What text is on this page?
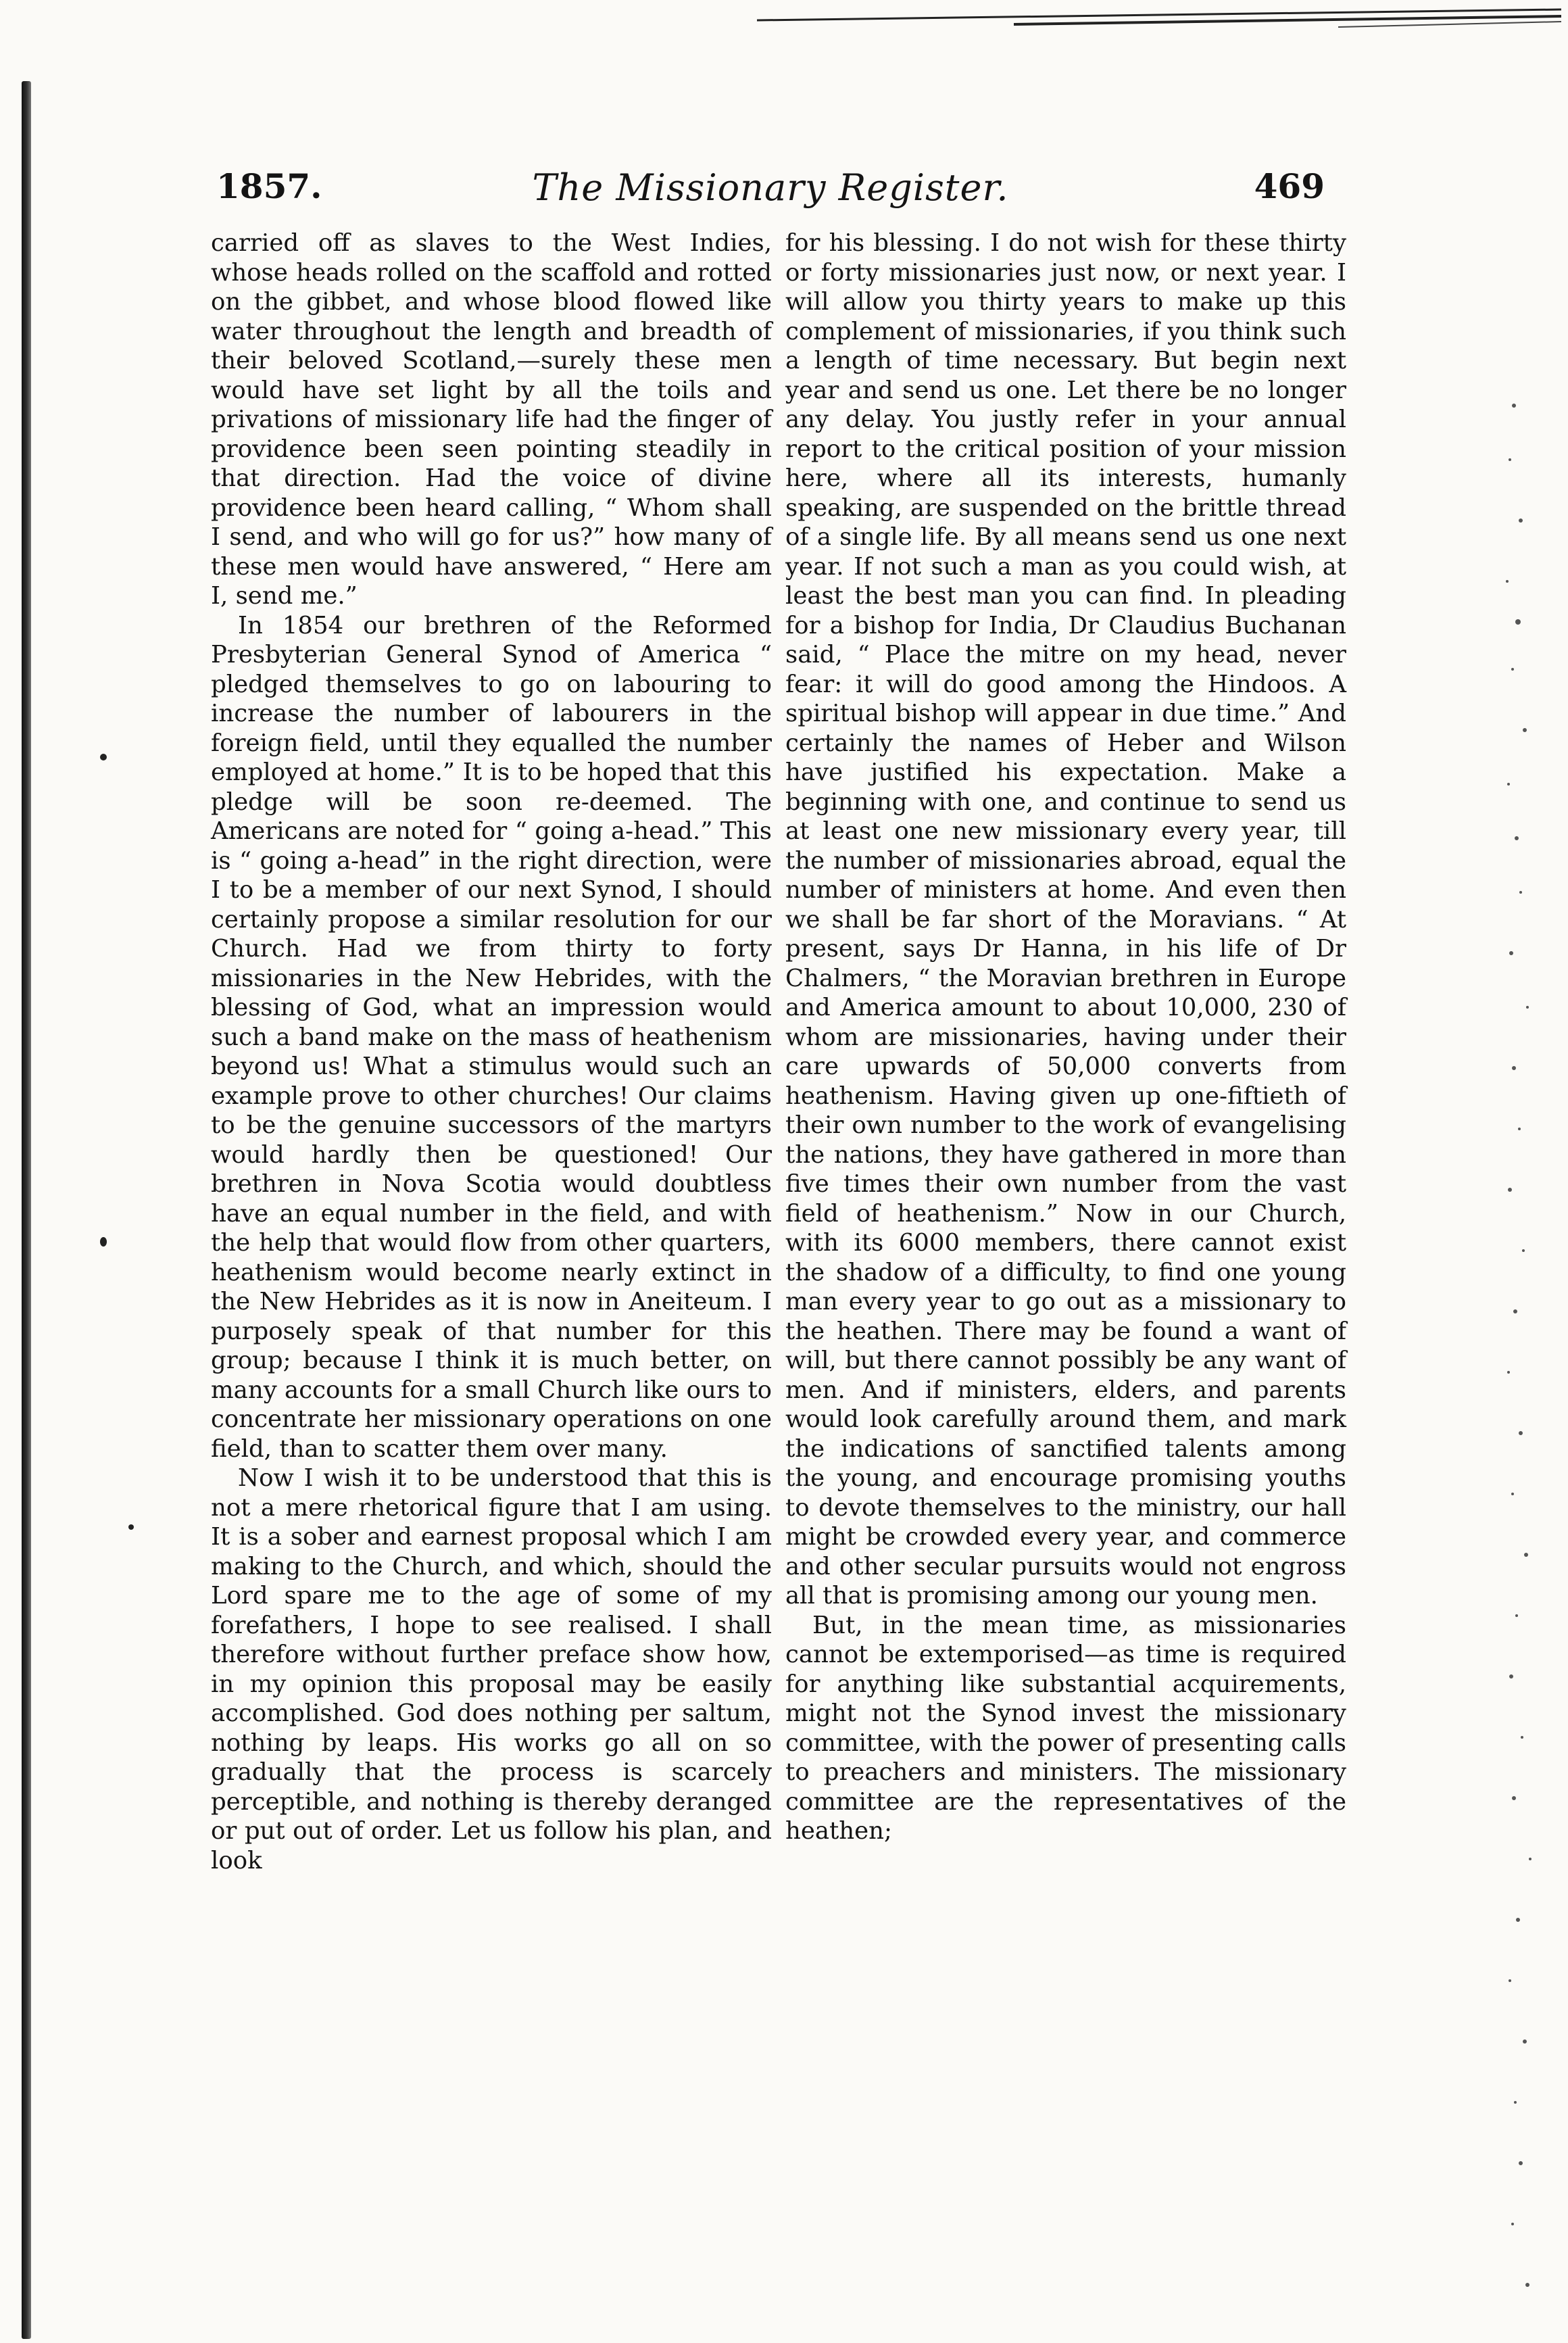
1857.	The Missionary Register.	469

carried off as slaves to the West Indies, whose heads rolled on the scaffold and rotted on the gibbet, and whose blood flowed like water throughout the length and breadth of their beloved Scotland,—surely these men would have set light by all the toils and privations of missionary life had the finger of providence been seen pointing steadily in that direction. Had the voice of divine providence been heard calling, “ Whom shall I send, and who will go for us?” how many of these men would have answered, “ Here am I, send me.”

In 1854 our brethren of the Reformed Presbyterian General Synod of America “ pledged themselves to go on labouring to increase the number of labourers in the foreign field, until they equalled the number employed at home.” It is to be hoped that this pledge will be soon re-deemed. The Americans are noted for “ going a-head.” This is “ going a-head” in the right direction, were I to be a member of our next Synod, I should certainly propose a similar resolution for our Church. Had we from thirty to forty missionaries in the New Hebrides, with the blessing of God, what an impression would such a band make on the mass of heathenism beyond us! What a stimulus would such an example prove to other churches! Our claims to be the genuine successors of the martyrs would hardly then be questioned! Our brethren in Nova Scotia would doubtless have an equal number in the field, and with the help that would flow from other quarters, heathenism would become nearly extinct in the New Hebrides as it is now in Aneiteum. I purposely speak of that number for this group; because I think it is much better, on many accounts for a small Church like ours to concentrate her missionary operations on one field, than to scatter them over many.

Now I wish it to be understood that this is not a mere rhetorical figure that I am using. It is a sober and earnest proposal which I am making to the Church, and which, should the Lord spare me to the age of some of my forefathers, I hope to see realised. I shall therefore without further preface show how, in my opinion this proposal may be easily accomplished. God does nothing per saltum, nothing by leaps. His works go all on so gradually that the process is scarcely perceptible, and nothing is thereby deranged or put out of order. Let us follow his plan, and look

for his blessing. I do not wish for these thirty or forty missionaries just now, or next year. I will allow you thirty years to make up this complement of missionaries, if you think such a length of time necessary. But begin next year and send us one. Let there be no longer any delay. You justly refer in your annual report to the critical position of your mission here, where all its interests, humanly speaking, are suspended on the brittle thread of a single life. By all means send us one next year. If not such a man as you could wish, at least the best man you can find. In pleading for a bishop for India, Dr Claudius Buchanan said, “ Place the mitre on my head, never fear: it will do good among the Hindoos. A spiritual bishop will appear in due time.” And certainly the names of Heber and Wilson have justified his expectation. Make a beginning with one, and continue to send us at least one new missionary every year, till the number of missionaries abroad, equal the number of ministers at home. And even then we shall be far short of the Moravians. “ At present, says Dr Hanna, in his life of Dr Chalmers, “ the Moravian brethren in Europe and America amount to about 10,000, 230 of whom are missionaries, having under their care upwards of 50,000 converts from heathenism. Having given up one-fiftieth of their own number to the work of evangelising the nations, they have gathered in more than five times their own number from the vast field of heathenism.” Now in our Church, with its 6000 members, there cannot exist the shadow of a difficulty, to find one young man every year to go out as a missionary to the heathen. There may be found a want of will, but there cannot possibly be any want of men. And if ministers, elders, and parents would look carefully around them, and mark the indications of sanctified talents among the young, and encourage promising youths to devote themselves to the ministry, our hall might be crowded every year, and commerce and other secular pursuits would not engross all that is promising among our young men.

But, in the mean time, as missionaries cannot be extemporised—as time is required for anything like substantial acquirements, might not the Synod invest the missionary committee, with the power of presenting calls to preachers and ministers. The missionary committee are the representatives of the heathen;
